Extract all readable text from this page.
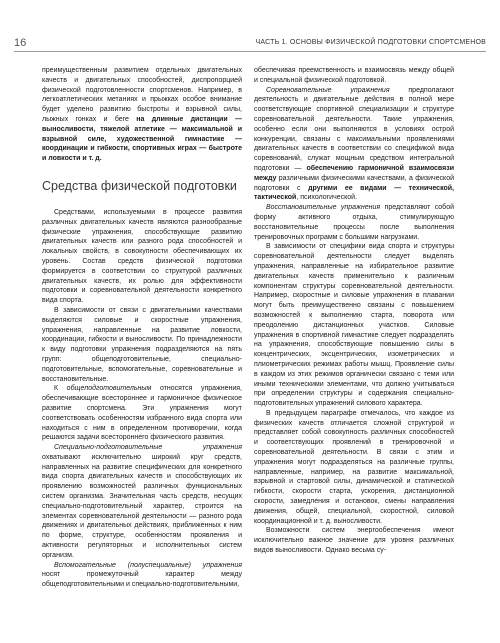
16	ЧАСТЬ 1. ОСНОВЫ ФИЗИЧЕСКОЙ ПОДГОТОВКИ СПОРТСМЕНОВ

преимущественным развитием отдельных двигательных качеств и двигательных способностей, диспропорцией физической подготовленности спортсменов. Например, в легкоатлетических метаниях и прыжках особое внимание будет уделено развитию быстроты и взрывной силы, лыжных гонках и беге на длинные дистанции — выносливости, тяжелой атлетике — максимальной и взрывной силе, художественной гимнастике — координации и гибкости, спортивных играх — быстроте и ловкости и т. д.

Средства физической подготовки

Средствами, используемыми в процессе развития различных двигательных качеств являются разнообразные физические упражнения, способствующие развитию двигательных качеств или разного рода способностей и локальных свойств, в совокупности обеспечивающих их уровень. Состав средств физической подготовки формируется в соответствии со структурой различных двигательных качеств, их ролью для эффективности подготовки и соревновательной деятельности конкретного вида спорта.

В зависимости от связи с двигательными качествами выделяются силовые и скоростные упражнения, упражнения, направленные на развитие ловкости, координации, гибкости и выносливости. По принадлежности к виду подготовки упражнения подразделяются на пять групп: общеподготовительные, специально-подготовительные, вспомогательные, соревновательные и восстановительные.

К общеподготовительным относятся упражнения, обеспечивающие всестороннее и гармоничное физическое развитие спортсмена. Эти упражнения могут соответствовать особенностям избранного вида спорта или находиться с ним в определенном противоречии, когда решаются задачи всестороннего физического развития.

Специально-подготовительные упражнения охватывают исключительно широкий круг средств, направленных на развитие специфических для конкретного вида спорта двигательных качеств и способствующих их проявлению возможностей различных функциональных систем организма. Значительная часть средств, несущих специально-подготовительный характер, строится на элементах соревновательной деятельности — разного рода движениях и двигательных действиях, приближенных к ним по форме, структуре, особенностям проявления и активности регуляторных и исполнительных систем организм.

Вспомогательные (полуспециальные) упражнения носят промежуточный характер между общеподготовительными и специально-подготовительными,

обеспечивая преемственность и взаимосвязь между общей и специальной физической подготовкой.

Соревновательные упражнения предполагают деятельность и двигательные действия в полной мере соответствующие спортивной специализации и структуре соревновательной деятельности. Такие упражнения, особенно если они выполняются в условиях острой конкуренции, связаны с максимальными проявлениями двигательных качеств в соответствии со спецификой вида соревнований, служат мощным средством интегральной подготовки — обеспечению гармоничной взаимосвязи между различными физическими качествами, а физической подготовки с другими ее видами — технической, тактической, психологической.

Восстановительные упражнения представляют собой форму активного отдыха, стимулирующую восстановительные процессы после выполнения тренировочных программ с большими нагрузками.

В зависимости от специфики вида спорта и структуры соревновательной деятельности следует выделять упражнения, направленные на избирательное развитие двигательных качеств применительно к различным компонентам структуры соревновательной деятельности. Например, скоростные и силовые упражнения в плавании могут быть преимущественно связаны с повышением возможностей к выполнению старта, поворота или преодолению дистанционных участков. Силовые упражнения в спортивной гимнастике следует подразделять на упражнения, способствующие повышению силы в концентрических, эксцентрических, изометрических и плиометрических режимах работы мышц. Проявление силы в каждом из этих режимов органически связано с теми или иными техническими элементами, что должно учитываться при определении структуры и содержания специально-подготовительных упражнений силового характера.

В предыдущем параграфе отмечалось, что каждое из физических качеств отличается сложной структурой и представляет собой совокупность различных способностей и соответствующих проявлений в тренировочной и соревновательной деятельности. В связи с этим и упражнения могут подразделяться на различные группы, направленные, например, на развитие максимальной, взрывной и стартовой силы, динамической и статической гибкости, скорости старта, ускорения, дистанционной скорости, замедления и остановок, смены направления движения, общей, специальной, скоростной, силовой координационной и т. д. выносливости.

Возможности систем энергообеспечения имеют исключительно важное значение для уровня различных видов выносливости. Однако весьма су-
